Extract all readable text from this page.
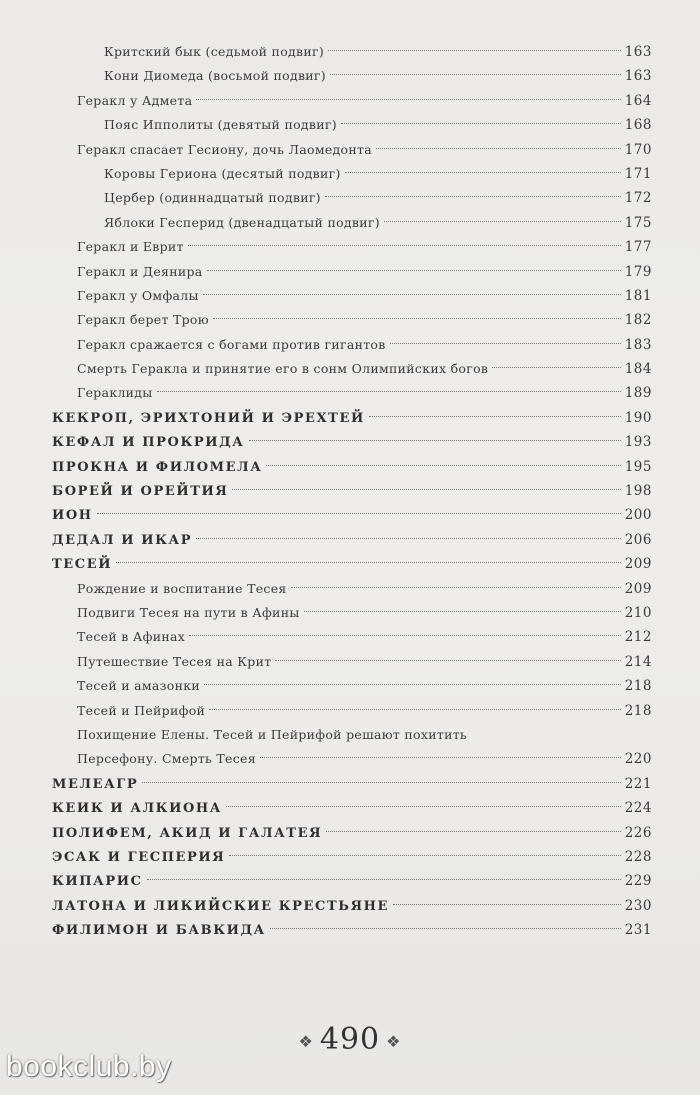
Критский бык (седьмой подвиг)	163
Кони Диомеда (восьмой подвиг)	163
Геракл у Адмета	164
Пояс Ипполиты (девятый подвиг)	168
Геракл спасает Гесиону, дочь Лаомедонта	170
Коровы Гериона (десятый подвиг)	171
Цербер (одиннадцатый подвиг)	172
Яблоки Гесперид (двенадцатый подвиг)	175
Геракл и Еврит	177
Геракл и Деянира	179
Геракл у Омфалы	181
Геракл берет Трою	182
Геракл сражается с богами против гигантов	183
Смерть Геракла и принятие его в сонм Олимпийских богов	184
Гераклиды	189
КЕКРОП, ЭРИХТОНИЙ И ЭРЕХТЕЙ	190
КЕФАЛ И ПРОКРИДА	193
ПРОКНА И ФИЛОМЕЛА	195
БОРЕЙ И ОРЕЙТИЯ	198
ИОН	200
ДЕДАЛ И ИКАР	206
ТЕСЕЙ	209
Рождение и воспитание Тесея	209
Подвиги Тесея на пути в Афины	210
Тесей в Афинах	212
Путешествие Тесея на Крит	214
Тесей и амазонки	218
Тесей и Пейрифой	218
Похищение Елены. Тесей и Пейрифой решают похитить
Персефону. Смерть Тесея	220
МЕЛЕАГР	221
КЕИК И АЛКИОНА	224
ПОЛИФЕМ, АКИД И ГАЛАТЕЯ	226
ЭСАК И ГЕСПЕРИЯ	228
КИПАРИС	229
ЛАТОНА И ЛИКИЙСКИЕ КРЕСТЬЯНЕ	230
ФИЛИМОН И БАВКИДА	231
❖ 490 ❖
bookclub.by
